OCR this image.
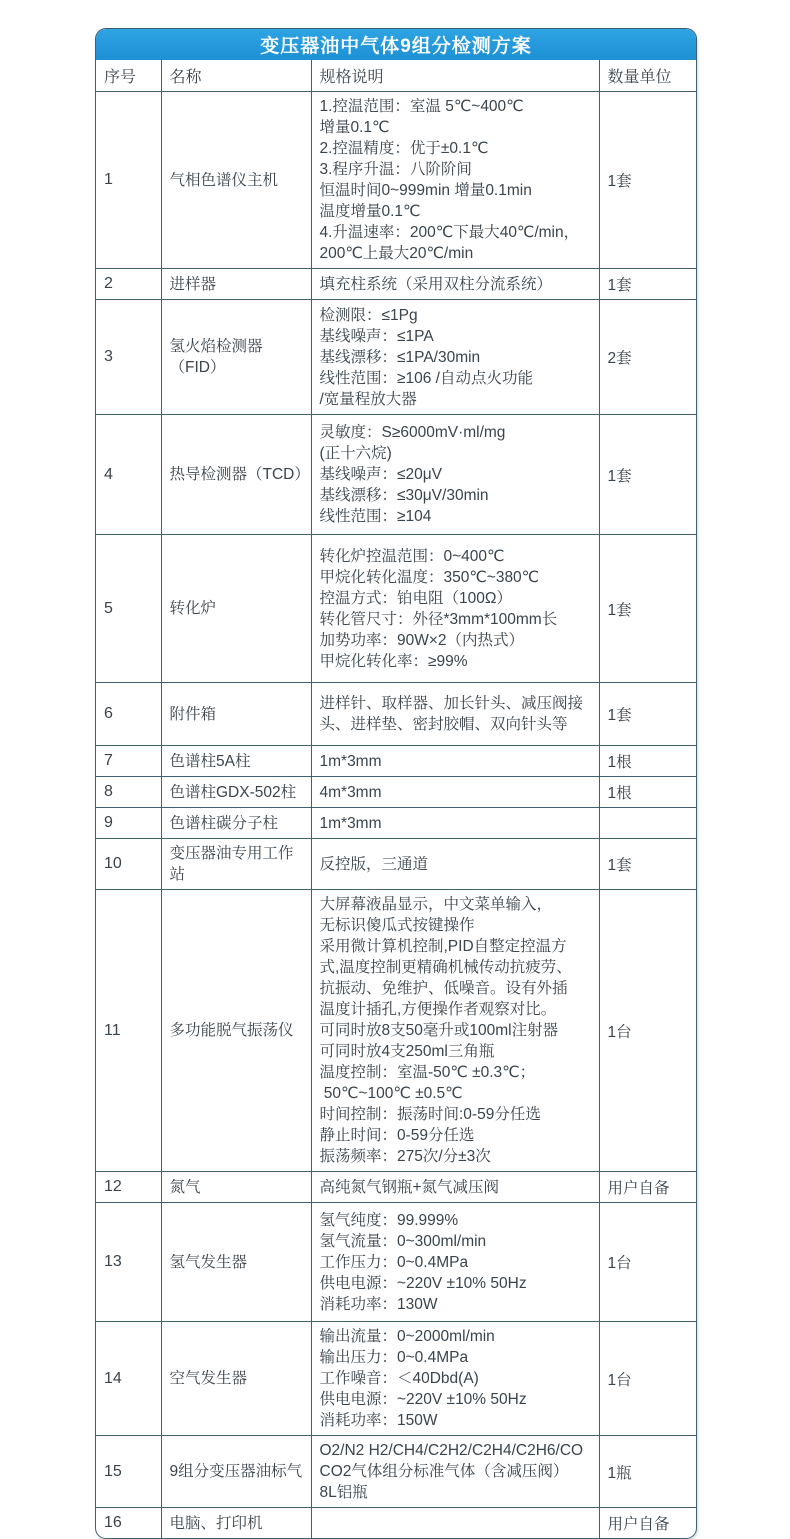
变压器油中气体9组分检测方案
序号	名称	规格说明	数量单位
1	气相色谱仪主机	1.控温范围：室温 5℃~400℃
增量0.1℃
2.控温精度：优于±0.1℃
3.程序升温：八阶阶间
恒温时间0~999min 增量0.1min
温度增量0.1℃
4.升温速率：200℃下最大40℃/min，
200℃上最大20℃/min	1套
2	进样器	填充柱系统（采用双柱分流系统）	1套
3	氢火焰检测器（FID）	检测限：≤1Pg
基线噪声：≤1PA
基线漂移：≤1PA/30min
线性范围：≥106 /自动点火功能
/宽量程放大器	2套
4	热导检测器（TCD）	灵敏度：S≥6000mV·ml/mg
(正十六烷)
基线噪声：≤20μV
基线漂移：≤30μV/30min
线性范围：≥104	1套
5	转化炉	转化炉控温范围：0~400℃
甲烷化转化温度：350℃~380℃
控温方式：铂电阻（100Ω）
转化管尺寸：外径*3mm*100mm长
加势功率：90W×2（内热式）
甲烷化转化率：≥99%	1套
6	附件箱	进样针、取样器、加长针头、减压阀接头、进样垫、密封胶帽、双向针头等	1套
7	色谱柱5A柱	1m*3mm	1根
8	色谱柱GDX-502柱	4m*3mm	1根
9	色谱柱碳分子柱	1m*3mm	
10	变压器油专用工作站	反控版，三通道	1套
11	多功能脱气振荡仪	大屏幕液晶显示，中文菜单输入，
无标识傻瓜式按键操作
采用微计算机控制,PID自整定控温方
式,温度控制更精确机械传动抗疲劳、
抗振动、免维护、低噪音。设有外插
温度计插孔,方便操作者观察对比。
可同时放8支50毫升或100ml注射器
可同时放4支250ml三角瓶
温度控制：室温-50℃ ±0.3℃；
50℃~100℃ ±0.5℃
时间控制：振荡时间:0-59分任选
静止时间：0-59分任选
振荡频率：275次/分±3次	1台
12	氮气	高纯氮气钢瓶+氮气减压阀	用户自备
13	氢气发生器	氢气纯度：99.999%
氢气流量：0~300ml/min
工作压力：0~0.4MPa
供电电源：~220V ±10% 50Hz
消耗功率：130W	1台
14	空气发生器	输出流量：0~2000ml/min
输出压力：0~0.4MPa
工作噪音：＜40Dbd(A)
供电电源：~220V ±10% 50Hz
消耗功率：150W	1台
15	9组分变压器油标气	O2/N2 H2/CH4/C2H2/C2H4/C2H6/CO
CO2气体组分标准气体（含减压阀）
8L铝瓶	1瓶
16	电脑、打印机		用户自备
